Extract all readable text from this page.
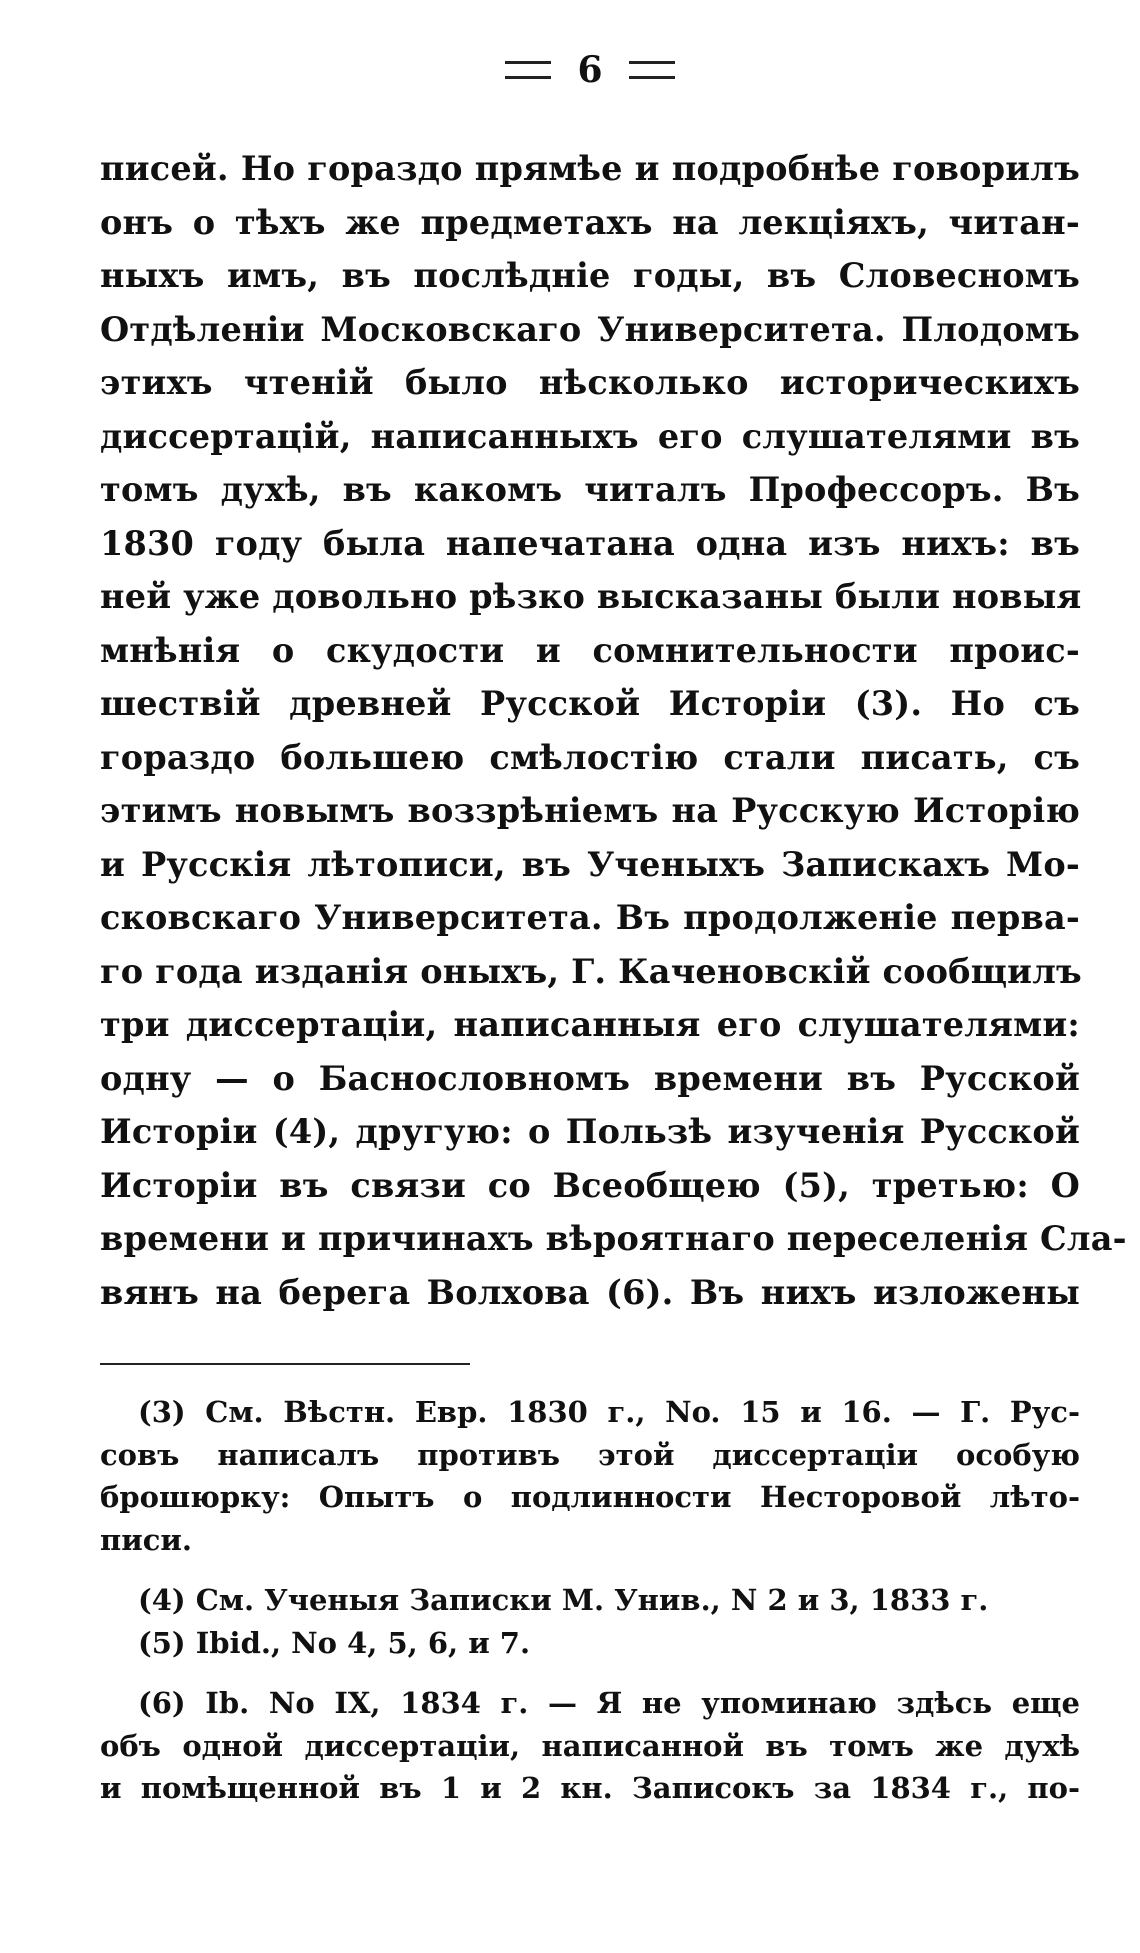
6
писей. Но гораздо прямѣе и подробнѣе говорилъ
онъ о тѣхъ же предметахъ на лекціяхъ, читан-
ныхъ имъ, въ послѣдніе годы, въ Словесномъ
Отдѣленіи Московскаго Университета. Плодомъ
этихъ чтеній было нѣсколько историческихъ
диссертацій, написанныхъ его слушателями въ
томъ духѣ, въ какомъ читалъ Профессоръ. Въ
1830 году была напечатана одна изъ нихъ: въ
ней уже довольно рѣзко высказаны были новыя
мнѣнія о скудости и сомнительности проис-
шествій древней Русской Исторіи (3). Но съ
гораздо большею смѣлостію стали писать, съ
этимъ новымъ воззрѣніемъ на Русскую Исторію
и Русскія лѣтописи, въ Ученыхъ Запискахъ Мо-
сковскаго Университета. Въ продолженіе перва-
го года изданія оныхъ, Г. Каченовскій сообщилъ
три диссертаціи, написанныя его слушателями:
одну — о Баснословномъ времени въ Русской
Исторіи (4), другую: о Пользѣ изученія Русской
Исторіи въ связи со Всеобщею (5), третью: О
времени и причинахъ вѣроятнаго переселенія Сла-
вянъ на берега Волхова (6). Въ нихъ изложены
(3) См. Вѣстн. Евр. 1830 г., No. 15 и 16. — Г. Рус-
совъ написалъ противъ этой диссертаціи особую
брошюрку: Опытъ о подлинности Несторовой лѣто-
писи.
(4) См. Ученыя Записки М. Унив., N 2 и 3, 1833 г.
(5) Ibid., No 4, 5, 6, и 7.
(6) Ib. No IX, 1834 г. — Я не упоминаю здѣсь еще
объ одной диссертаціи, написанной въ томъ же духѣ
и помѣщенной въ 1 и 2 кн. Записокъ за 1834 г., по-
